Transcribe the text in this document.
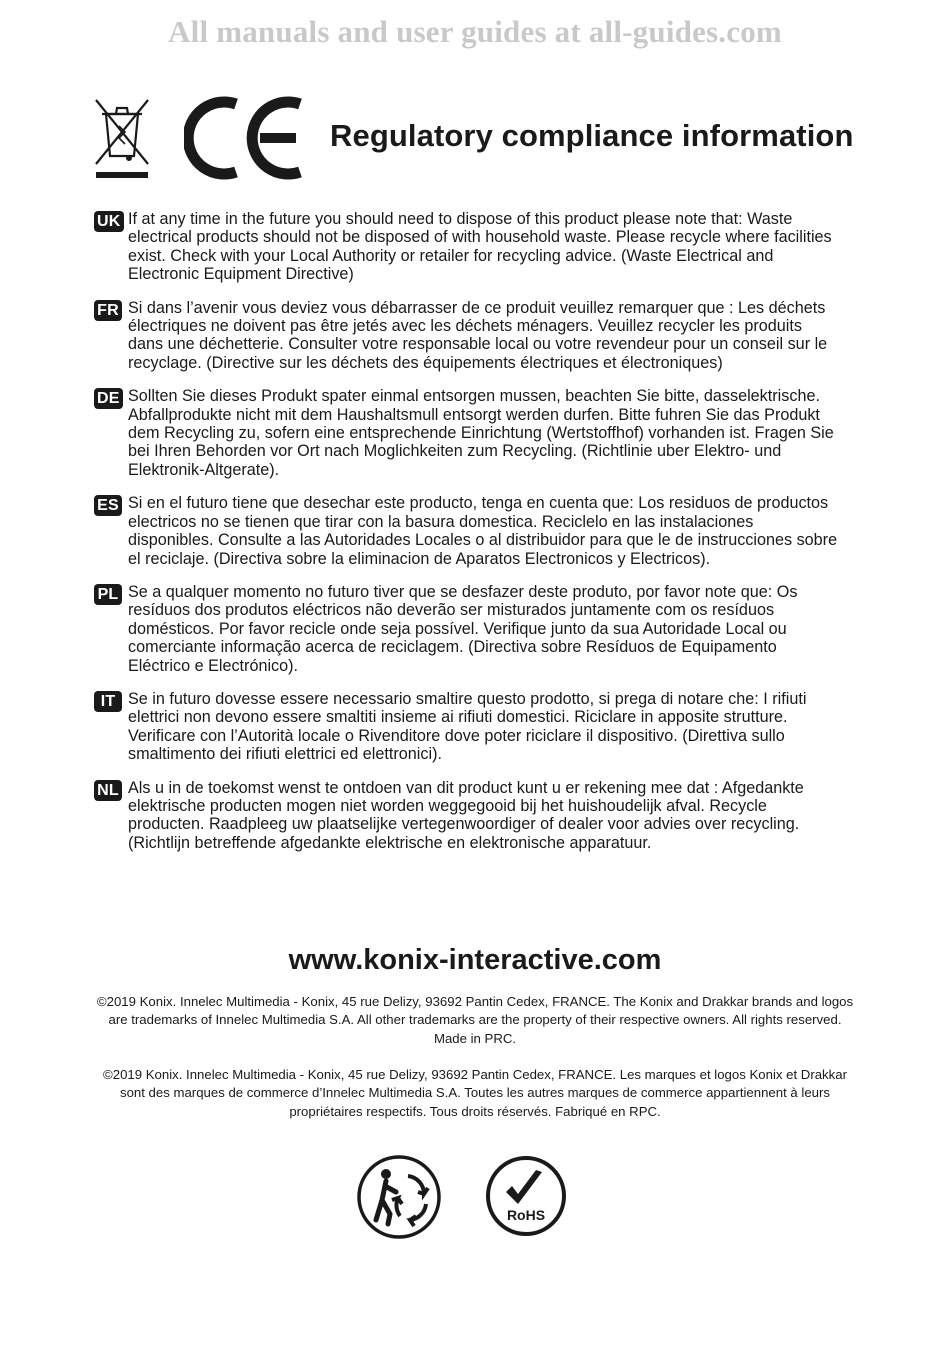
All manuals and user guides at all-guides.com
Regulatory compliance information
UK If at any time in the future you should need to dispose of this product please note that: Waste electrical products should not be disposed of with household waste. Please recycle where facilities exist. Check with your Local Authority or retailer for recycling advice. (Waste Electrical and Electronic Equipment Directive)

FR Si dans l’avenir vous deviez vous débarrasser de ce produit veuillez remarquer que : Les déchets électriques ne doivent pas être jetés avec les déchets ménagers. Veuillez recycler les produits dans une déchetterie. Consulter votre responsable local ou votre revendeur pour un conseil sur le recyclage. (Directive sur les déchets des équipements électriques et électroniques)

DE Sollten Sie dieses Produkt spater einmal entsorgen mussen, beachten Sie bitte, dasselektrische. Abfallprodukte nicht mit dem Haushaltsmull entsorgt werden durfen. Bitte fuhren Sie das Produkt dem Recycling zu, sofern eine entsprechende Einrichtung (Wertstoffhof) vorhanden ist. Fragen Sie bei Ihren Behorden vor Ort nach Moglichkeiten zum Recycling. (Richtlinie uber Elektro- und Elektronik-Altgerate).

ES Si en el futuro tiene que desechar este producto, tenga en cuenta que: Los residuos de productos electricos no se tienen que tirar con la basura domestica. Reciclelo en las instalaciones disponibles. Consulte a las Autoridades Locales o al distribuidor para que le de instrucciones sobre el reciclaje. (Directiva sobre la eliminacion de Aparatos Electronicos y Electricos).

PL Se a qualquer momento no futuro tiver que se desfazer deste produto, por favor note que: Os resíduos dos produtos eléctricos não deverão ser misturados juntamente com os resíduos domésticos. Por favor recicle onde seja possível. Verifique junto da sua Autoridade Local ou comerciante informação acerca de reciclagem. (Directiva sobre Resíduos de Equipamento Eléctrico e Electrónico).

IT Se in futuro dovesse essere necessario smaltire questo prodotto, si prega di notare che: I rifiuti elettrici non devono essere smaltiti insieme ai rifiuti domestici. Riciclare in apposite strutture. Verificare con l’Autorità locale o Rivenditore dove poter riciclare il dispositivo. (Direttiva sullo smaltimento dei rifiuti elettrici ed elettronici).

NL Als u in de toekomst wenst te ontdoen van dit product kunt u er rekening mee dat : Afgedankte elektrische producten mogen niet worden weggegooid bij het huishoudelijk afval. Recycle producten. Raadpleeg uw plaatselijke vertegenwoordiger of dealer voor advies over recycling. (Richtlijn betreffende afgedankte elektrische en elektronische apparatuur.

www.konix-interactive.com

©2019 Konix. Innelec Multimedia - Konix, 45 rue Delizy, 93692 Pantin Cedex, FRANCE. The Konix and Drakkar brands and logos are trademarks of Innelec Multimedia S.A. All other trademarks are the property of their respective owners. All rights reserved. Made in PRC.

©2019 Konix. Innelec Multimedia - Konix, 45 rue Delizy, 93692 Pantin Cedex, FRANCE. Les marques et logos Konix et Drakkar sont des marques de commerce d’Innelec Multimedia S.A. Toutes les autres marques de commerce appartiennent à leurs propriétaires respectifs. Tous droits réservés. Fabriqué en RPC.

RoHS
